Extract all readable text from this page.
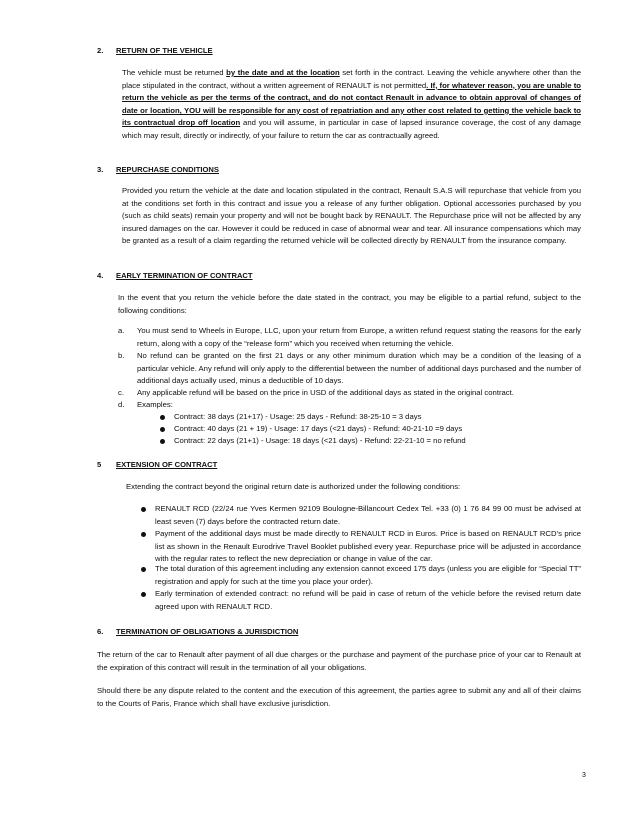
2. RETURN OF THE VEHICLE
The vehicle must be returned by the date and at the location set forth in the contract. Leaving the vehicle anywhere other than the place stipulated in the contract, without a written agreement of RENAULT is not permitted. If, for whatever reason, you are unable to return the vehicle as per the terms of the contract, and do not contact Renault in advance to obtain approval of changes of date or location, YOU will be responsible for any cost of repatriation and any other cost related to getting the vehicle back to its contractual drop off location and you will assume, in particular in case of lapsed insurance coverage, the cost of any damage which may result, directly or indirectly, of your failure to return the car as contractually agreed.
3. REPURCHASE CONDITIONS
Provided you return the vehicle at the date and location stipulated in the contract, Renault S.A.S will repurchase that vehicle from you at the conditions set forth in this contract and issue you a release of any further obligation. Optional accessories purchased by you (such as child seats) remain your property and will not be bought back by RENAULT. The Repurchase price will not be affected by any insured damages on the car. However it could be reduced in case of abnormal wear and tear. All insurance compensations which may be granted as a result of a claim regarding the returned vehicle will be collected directly by RENAULT from the insurance company.
4. EARLY TERMINATION OF CONTRACT
In the event that you return the vehicle before the date stated in the contract, you may be eligible to a partial refund, subject to the following conditions:
a.	You must send to Wheels in Europe, LLC, upon your return from Europe, a written refund request stating the reasons for the early return, along with a copy of the “release form” which you received when returning the vehicle.
b.	No refund can be granted on the first 21 days or any other minimum duration which may be a condition of the leasing of a particular vehicle. Any refund will only apply to the differential between the number of additional days purchased and the number of additional days actually used, minus a deductible of 10 days.
c.	Any applicable refund will be based on the price in USD of the additional days as stated in the original contract.
d.	Examples:
Contract: 38 days (21+17) - Usage: 25 days - Refund: 38-25-10 = 3 days
Contract: 40 days (21 + 19) - Usage: 17 days (<21 days) - Refund: 40-21-10 =9 days
Contract: 22 days (21+1) - Usage: 18 days (<21 days) - Refund: 22-21-10 = no refund
5 EXTENSION OF CONTRACT
Extending the contract beyond the original return date is authorized under the following conditions:
RENAULT RCD (22/24 rue Yves Kermen 92109 Boulogne-Billancourt Cedex Tel. +33 (0) 1 76 84 99 00 must be advised at least seven (7) days before the contracted return date.
Payment of the additional days must be made directly to RENAULT RCD in Euros. Price is based on RENAULT RCD’s price list as shown in the Renault Eurodrive Travel Booklet published every year. Repurchase price will be adjusted in accordance with the regular rates to reflect the new depreciation or change in value of the car.
The total duration of this agreement including any extension cannot exceed 175 days (unless you are eligible for “Special TT” registration and apply for such at the time you place your order).
Early termination of extended contract: no refund will be paid in case of return of the vehicle before the revised return date agreed upon with RENAULT RCD.
6. TERMINATION OF OBLIGATIONS & JURISDICTION
The return of the car to Renault after payment of all due charges or the purchase and payment of the purchase price of your car to Renault at the expiration of this contract will result in the termination of all your obligations.
Should there be any dispute related to the content and the execution of this agreement, the parties agree to submit any and all of their claims to the Courts of Paris, France which shall have exclusive jurisdiction.
3
